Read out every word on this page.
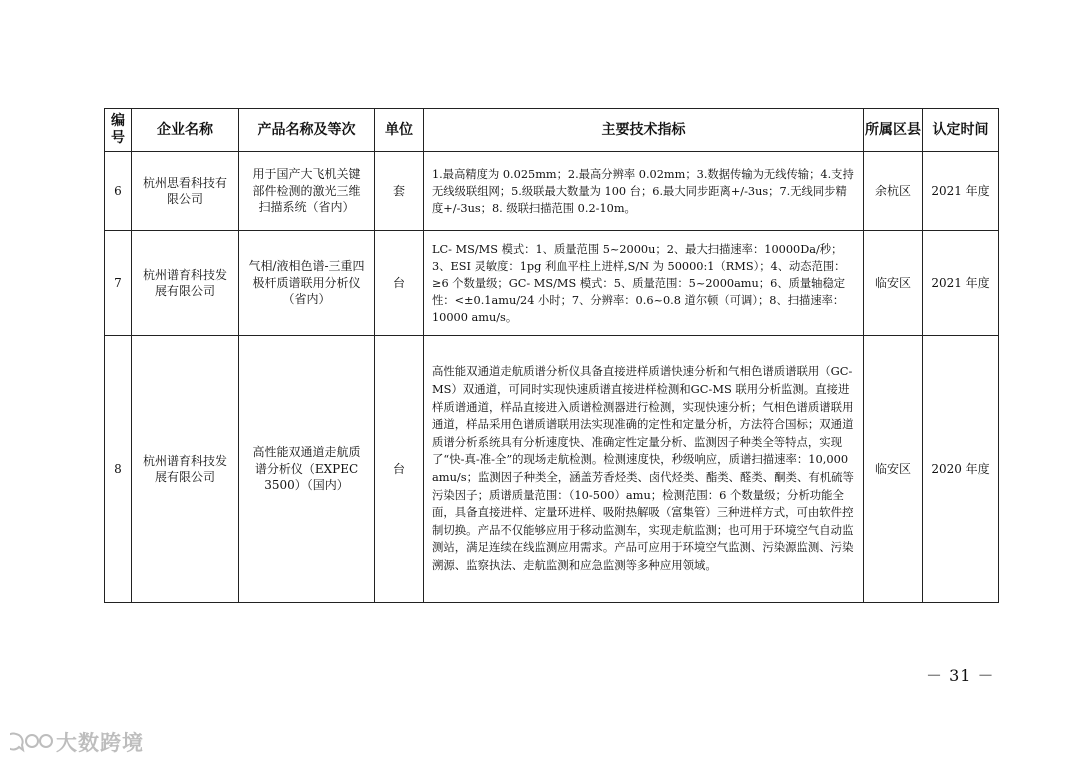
编号	企业名称	产品名称及等次	单位	主要技术指标	所属区县	认定时间
6	杭州思看科技有限公司	用于国产大飞机关键部件检测的激光三维扫描系统（省内）	套	1.最高精度为 0.025mm；2.最高分辨率 0.02mm；3.数据传输为无线传输；4.支持无线级联组网；5.级联最大数量为 100 台；6.最大同步距离+/-3us；7.无线同步精度+/-3us；8. 级联扫描范围 0.2-10m。	余杭区	2021 年度
7	杭州谱育科技发展有限公司	气相/液相色谱-三重四极杆质谱联用分析仪（省内）	台	LC- MS/MS 模式：1、质量范围 5~2000u；2、最大扫描速率：10000Da/秒；3、ESI 灵敏度：1pg 利血平柱上进样,S/N 为 50000:1（RMS）；4、动态范围：≥6 个数量级；GC- MS/MS 模式：5、质量范围：5~2000amu；6、质量轴稳定性：<±0.1amu/24 小时；7、分辨率：0.6~0.8 道尔顿（可调）；8、扫描速率：10000 amu/s。	临安区	2021 年度
8	杭州谱育科技发展有限公司	高性能双通道走航质谱分析仪（EXPEC 3500）（国内）	台	高性能双通道走航质谱分析仪具备直接进样质谱快速分析和气相色谱质谱联用（GC-MS）双通道，可同时实现快速质谱直接进样检测和GC-MS 联用分析监测。直接进样质谱通道，样品直接进入质谱检测器进行检测，实现快速分析；气相色谱质谱联用通道，样品采用色谱质谱联用法实现准确的定性和定量分析，方法符合国标；双通道质谱分析系统具有分析速度快、准确定性定量分析、监测因子种类全等特点，实现了“快-真-准-全”的现场走航检测。检测速度快，秒级响应，质谱扫描速率：10,000 amu/s；监测因子种类全，涵盖芳香烃类、卤代烃类、酯类、醛类、酮类、有机硫等污染因子；质谱质量范围：（10-500）amu；检测范围：6 个数量级；分析功能全面，具备直接进样、定量环进样、吸附热解吸（富集管）三种进样方式，可由软件控制切换。产品不仅能够应用于移动监测车，实现走航监测；也可用于环境空气自动监测站，满足连续在线监测应用需求。产品可应用于环境空气监测、污染源监测、污染溯源、监察执法、走航监测和应急监测等多种应用领域。	临安区	2020 年度
－ 31 －
大数跨境
